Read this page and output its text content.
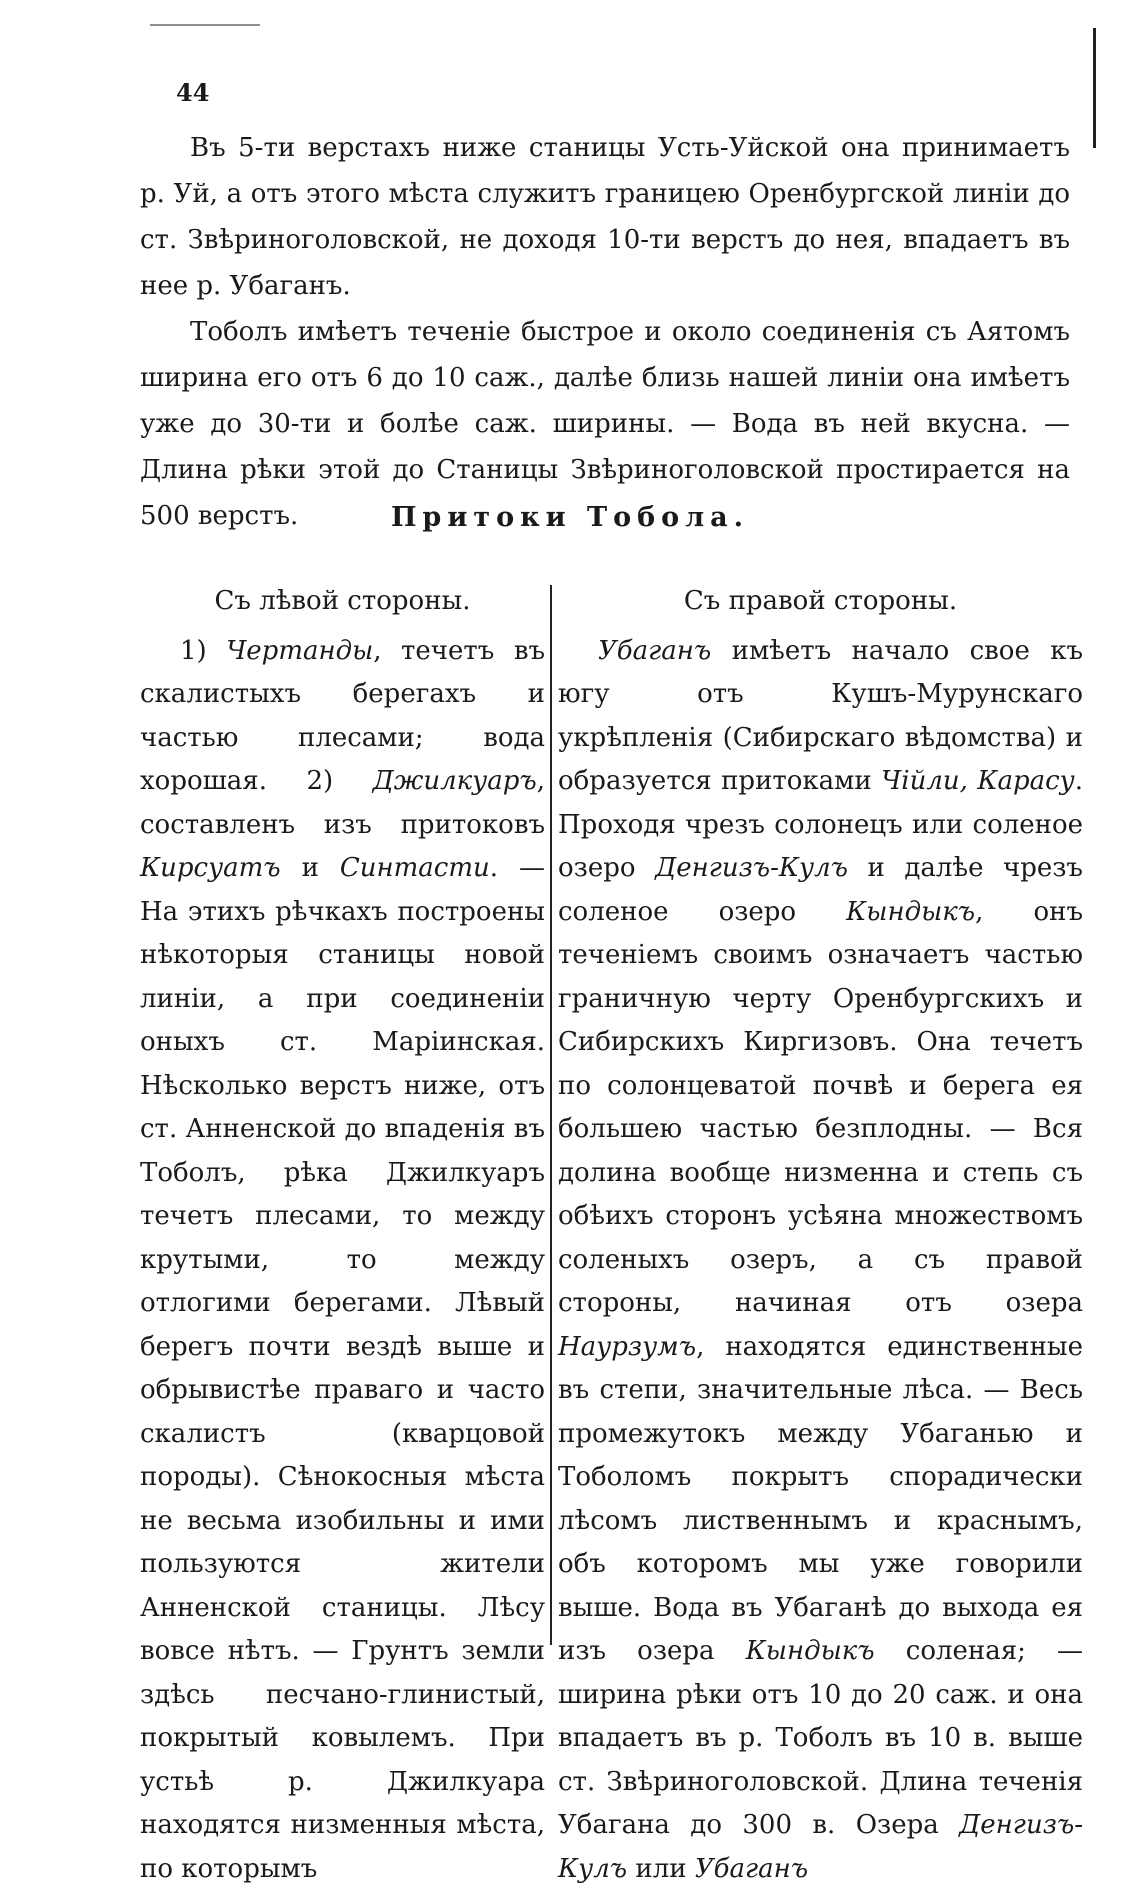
44

Въ 5-ти верстахъ ниже станицы Усть-Уйской она принимаетъ р. Уй, а отъ этого мѣста служитъ границею Оренбургской линіи до ст. Звѣриноголовской, не доходя 10-ти верстъ до нея, впадаетъ въ нее р. Убаганъ.

Тоболъ имѣетъ теченіе быстрое и около соединенія съ Аятомъ ширина его отъ 6 до 10 саж., далѣе близь нашей линіи она имѣетъ уже до 30-ти и болѣе саж. ширины. — Вода въ ней вкусна. — Длина рѣки этой до Станицы Звѣриноголовской простирается на 500 верстъ.	Притоки Тобола.
Съ лѣвой стороны.

1) Чертанды, течетъ въ скалистыхъ берегахъ и частью плесами; вода хорошая. 2) Джилкуаръ, составленъ изъ притоковъ Кирсуатъ и Синтасти. — На этихъ рѣчкахъ построены нѣкоторыя станицы новой линіи, а при соединеніи оныхъ ст. Маріинская. Нѣсколько верстъ ниже, отъ ст. Анненской до впаденія въ Тоболъ, рѣка Джилкуаръ течетъ плесами, то между крутыми, то между отлогими берегами. Лѣвый берегъ почти вездѣ выше и обрывистѣе праваго и часто скалистъ (кварцовой породы). Сѣнокосныя мѣста не весьма изобильны и ими пользуются жители Анненской станицы. Лѣсу вовсе нѣтъ. — Грунтъ земли здѣсь песчано-глинистый, покрытый ковылемъ. При устьѣ р. Джилкуара находятся низменныя мѣста, по которымъ

Съ правой стороны.

Убаганъ имѣетъ начало свое къ югу отъ Кушъ-Мурунскаго укрѣпленія (Сибирскаго вѣдомства) и образуется притоками Чійли, Карасу. Проходя чрезъ солонецъ или соленое озеро Денгизъ-Кулъ и далѣе чрезъ соленое озеро Кындыкъ, онъ теченіемъ своимъ означаетъ частью граничную черту Оренбургскихъ и Сибирскихъ Киргизовъ. Она течетъ по солонцеватой почвѣ и берега ея большею частью безплодны. — Вся долина вообще низменна и степь съ обѣихъ сторонъ усѣяна множествомъ соленыхъ озеръ, а съ правой стороны, начиная отъ озера Наурзумъ, находятся единственные въ степи, значительные лѣса. — Весь промежутокъ между Убаганью и Тоболомъ покрытъ спорадически лѣсомъ лиственнымъ и краснымъ, объ которомъ мы уже говорили выше. Вода въ Убаганѣ до выхода ея изъ озера Кындыкъ соленая; — ширина рѣки отъ 10 до 20 саж. и она впадаетъ въ р. Тоболъ въ 10 в. выше ст. Звѣриноголовской. Длина теченія Убагана до 300 в. Озера Денгизъ-Кулъ или Убаганъ
